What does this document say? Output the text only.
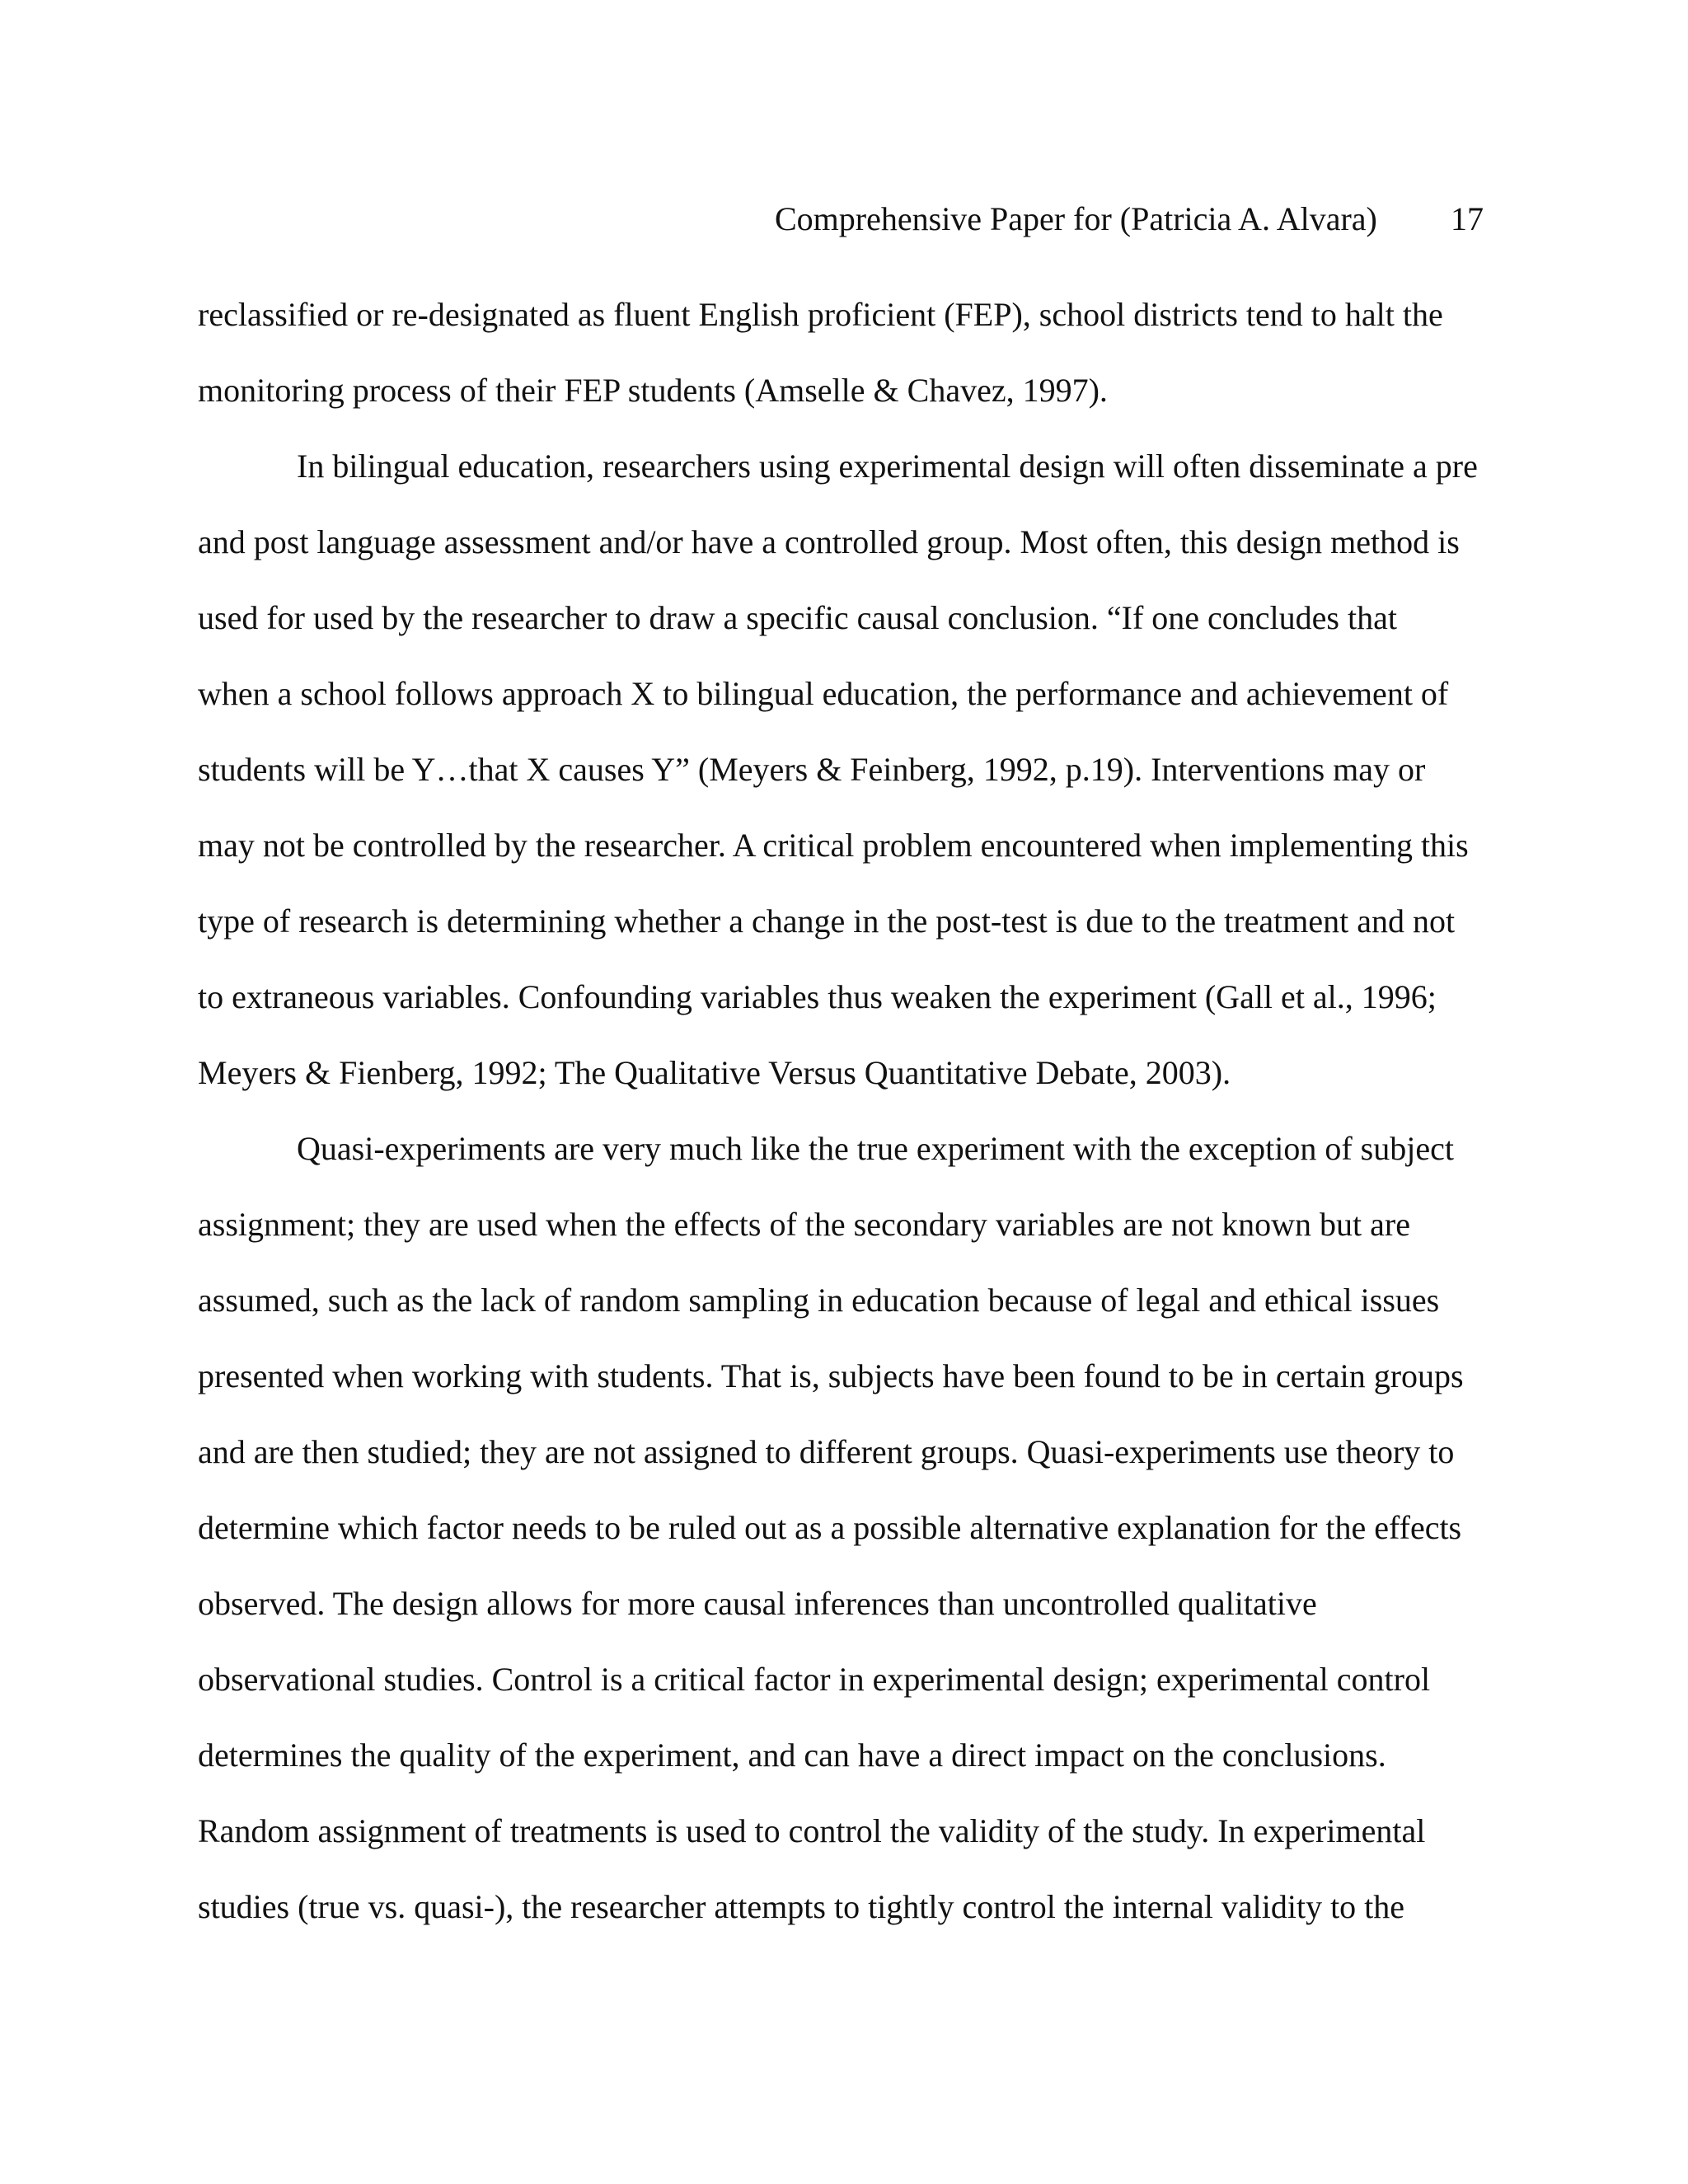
Comprehensive Paper for (Patricia A. Alvara) 17
reclassified or re-designated as fluent English proficient (FEP), school districts tend to halt the
monitoring process of their FEP students (Amselle & Chavez, 1997).
In bilingual education, researchers using experimental design will often disseminate a pre
and post language assessment and/or have a controlled group. Most often, this design method is
used for used by the researcher to draw a specific causal conclusion. “If one concludes that
when a school follows approach X to bilingual education, the performance and achievement of
students will be Y…that X causes Y” (Meyers & Feinberg, 1992, p.19). Interventions may or
may not be controlled by the researcher. A critical problem encountered when implementing this
type of research is determining whether a change in the post-test is due to the treatment and not
to extraneous variables. Confounding variables thus weaken the experiment (Gall et al., 1996;
Meyers & Fienberg, 1992; The Qualitative Versus Quantitative Debate, 2003).
Quasi-experiments are very much like the true experiment with the exception of subject
assignment; they are used when the effects of the secondary variables are not known but are
assumed, such as the lack of random sampling in education because of legal and ethical issues
presented when working with students. That is, subjects have been found to be in certain groups
and are then studied; they are not assigned to different groups. Quasi-experiments use theory to
determine which factor needs to be ruled out as a possible alternative explanation for the effects
observed. The design allows for more causal inferences than uncontrolled qualitative
observational studies. Control is a critical factor in experimental design; experimental control
determines the quality of the experiment, and can have a direct impact on the conclusions.
Random assignment of treatments is used to control the validity of the study. In experimental
studies (true vs. quasi-), the researcher attempts to tightly control the internal validity to the
